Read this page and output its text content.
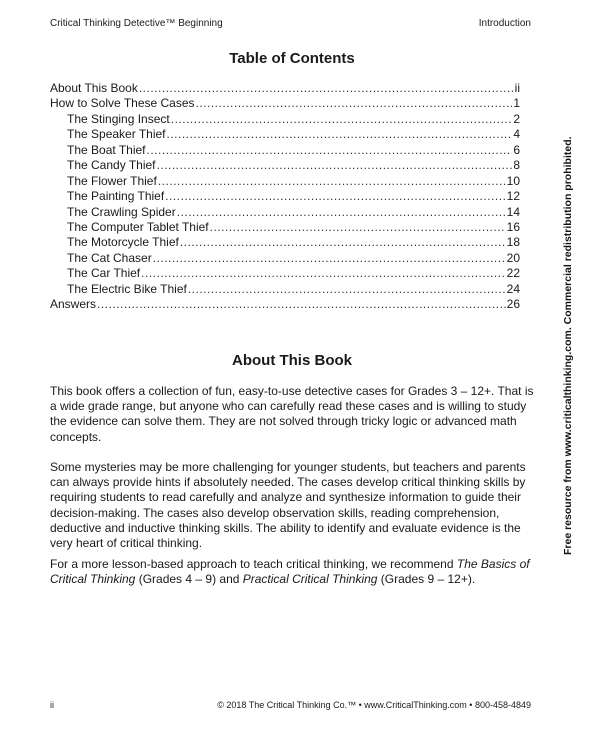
Critical Thinking Detective™ Beginning	Introduction
Table of Contents
About This Book .....	ii
How to Solve These Cases .....	1
The Stinging Insect .....	2
The Speaker Thief .....	4
The Boat Thief .....	6
The Candy Thief .....	8
The Flower Thief .....	10
The Painting Thief .....	12
The Crawling Spider .....	14
The Computer Tablet Thief .....	16
The Motorcycle Thief .....	18
The Cat Chaser .....	20
The Car Thief .....	22
The Electric Bike Thief .....	24
Answers .....	26
About This Book

This book offers a collection of fun, easy-to-use detective cases for Grades 3 – 12+. That is a wide grade range, but anyone who can carefully read these cases and is willing to study the evidence can solve them. They are not solved through tricky logic or advanced math concepts.

Some mysteries may be more challenging for younger students, but teachers and parents can always provide hints if absolutely needed. The cases develop critical thinking skills by requiring students to read carefully and analyze and synthesize information to guide their decision-making. The cases also develop observation skills, reading comprehension, deductive and inductive thinking skills. The ability to identify and evaluate evidence is the very heart of critical thinking.

For a more lesson-based approach to teach critical thinking, we recommend The Basics of Critical Thinking (Grades 4 – 9) and Practical Critical Thinking (Grades 9 – 12+).

Free resource from www.criticalthinking.com. Commercial redistribution prohibited.
ii	© 2018 The Critical Thinking Co.™ • www.CriticalThinking.com • 800-458-4849
